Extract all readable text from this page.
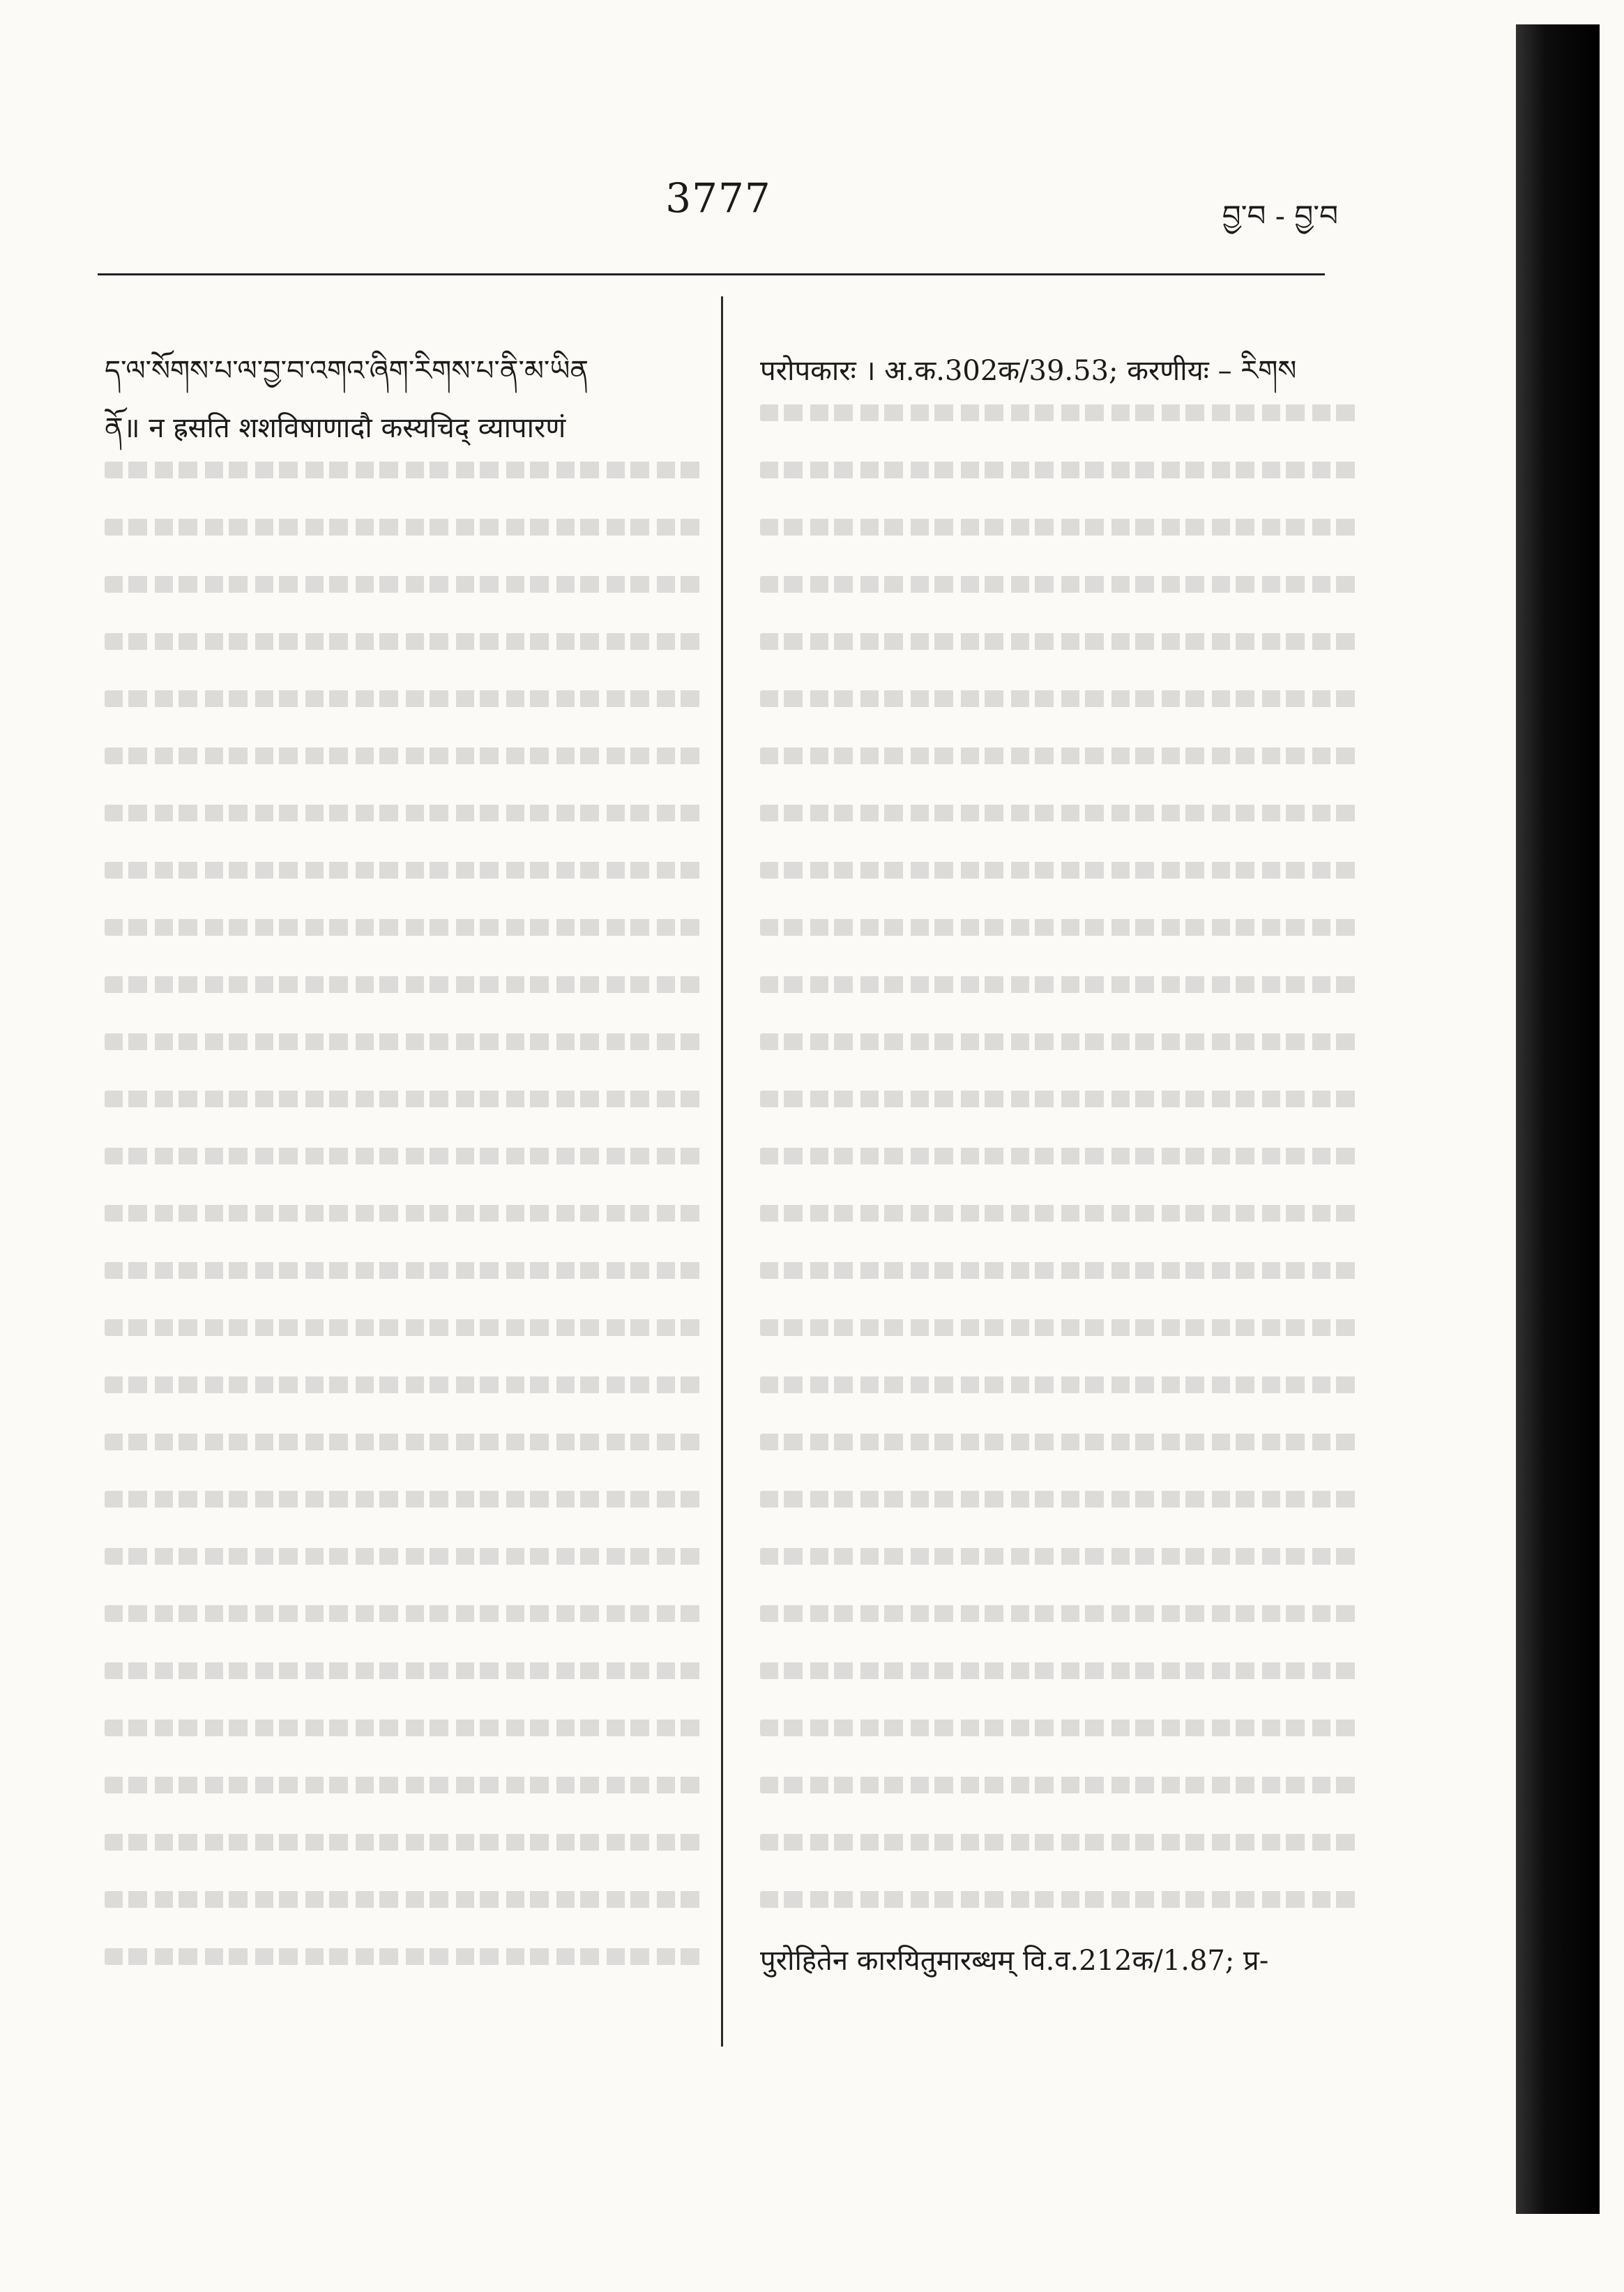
3777	བྱ་བ - བྱ་བ
ད་ལ་སོགས་པ་ལ་བྱ་བ་འགའ་ཞིག་རིགས་པ་ནི་མ་ཡིན
ནོ॥ न ह्रसति शशविषाणादौ कस्यचिद् व्यापारणं
परोपकारः । अ.क.302क/39.53; करणीयः – རིགས
पुरोहितेन कारयितुमारब्धम् वि.व.212क/1.87; प्र-
